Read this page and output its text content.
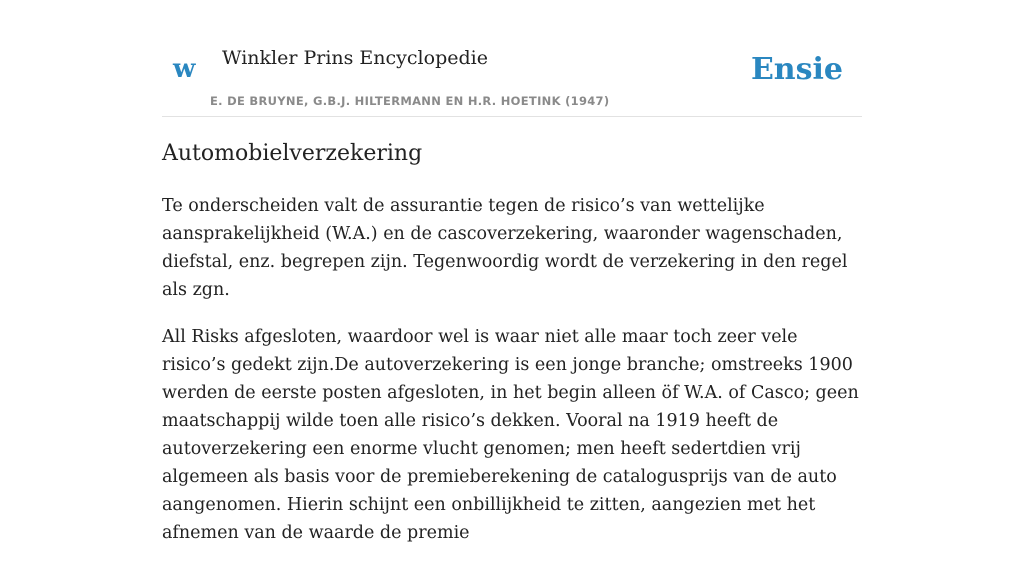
w Winkler Prins Encyclopedie
E. DE BRUYNE, G.B.J. HILTERMANN EN H.R. HOETINK (1947)
Ensie
Automobielverzekering

Te onderscheiden valt de assurantie tegen de risico’s van wettelijke aansprakelijkheid (W.A.) en de cascoverzekering, waaronder wagenschaden, diefstal, enz. begrepen zijn. Tegenwoordig wordt de verzekering in den regel als zgn.

All Risks afgesloten, waardoor wel is waar niet alle maar toch zeer vele risico’s gedekt zijn.De autoverzekering is een jonge branche; omstreeks 1900 werden de eerste posten afgesloten, in het begin alleen öf W.A. of Casco; geen maatschappij wilde toen alle risico’s dekken. Vooral na 1919 heeft de autoverzekering een enorme vlucht genomen; men heeft sedertdien vrij algemeen als basis voor de premieberekening de catalogusprijs van de auto aangenomen. Hierin schijnt een onbillijkheid te zitten, aangezien met het afnemen van de waarde de premie
